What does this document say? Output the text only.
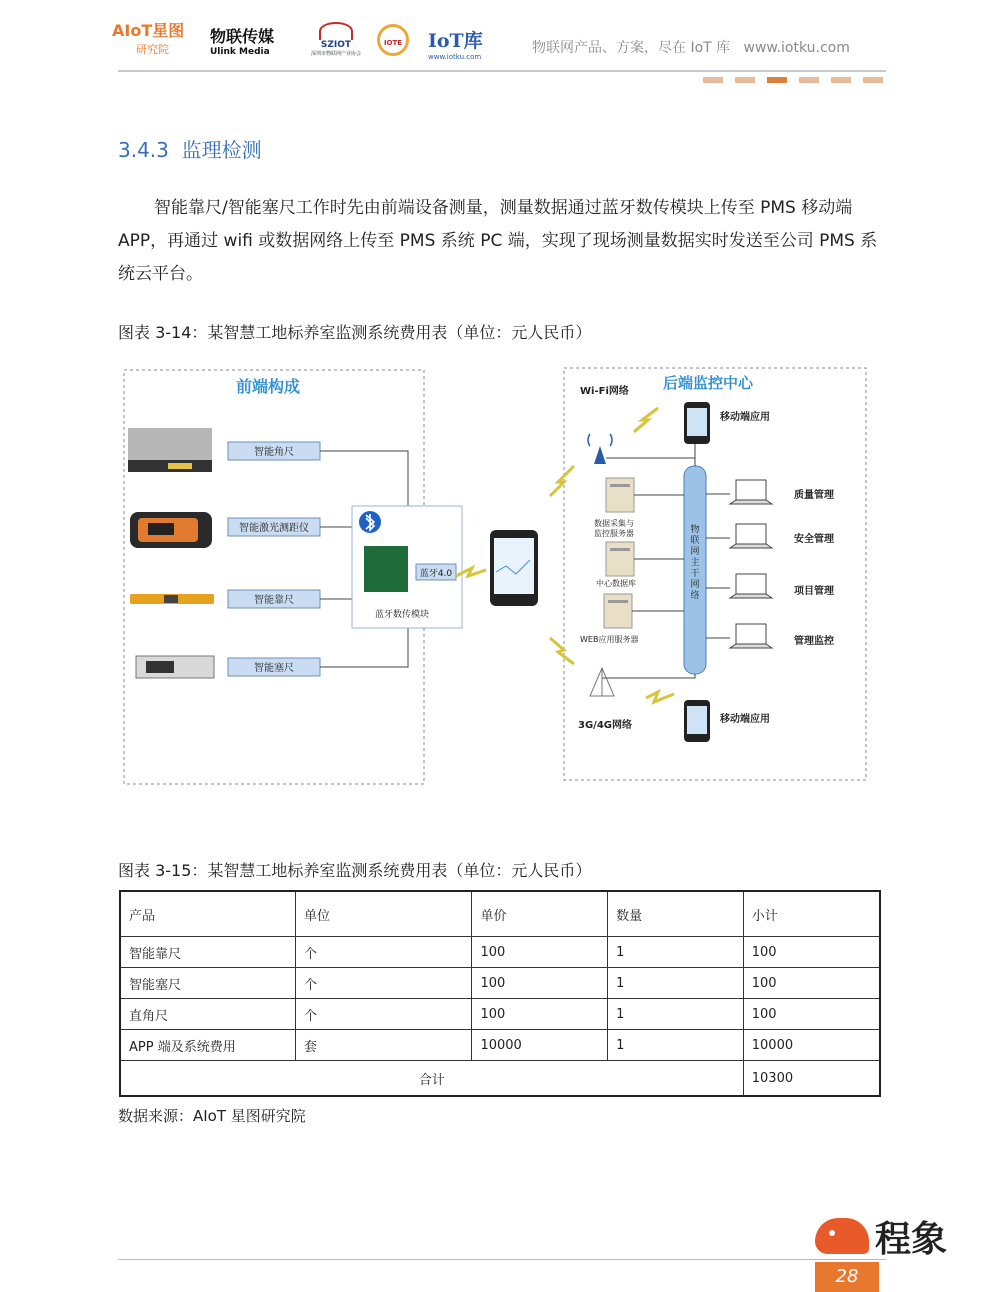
AIoT星图
研究院
物联传媒
Ulink Media
SZIOT
深圳市物联网产业协会
IOTE	IoT库
www.iotku.com
物联网产品、方案，尽在 IoT 库   www.iotku.com
3.4.3  监理检测
智能靠尺/智能塞尺工作时先由前端设备测量，测量数据通过蓝牙数传模块上传至 PMS 移动端 APP，再通过 wifi 或数据网络上传至 PMS 系统 PC 端，实现了现场测量数据实时发送至公司 PMS 系统云平台。
图表 3-14：某智慧工地标养室监测系统费用表（单位：元人民币）
前端构成
智能角尺
智能激光测距仪
智能靠尺
智能塞尺
蓝牙数传模块
蓝牙4.0
后端监控中心
Wi-Fi网络
移动端应用
数据采集与监控服务器
中心数据库
WEB应用服务器
物联网主干网络
质量管理
安全管理
项目管理
管理监控
3G/4G网络
移动端应用
图表 3-15：某智慧工地标养室监测系统费用表（单位：元人民币）
产品	单位	单价	数量	小计
智能靠尺	个	100	1	100
智能塞尺	个	100	1	100
直角尺	个	100	1	100
APP 端及系统费用	套	10000	1	10000
合计				10300
数据来源：AIoT 星图研究院
程象
28
